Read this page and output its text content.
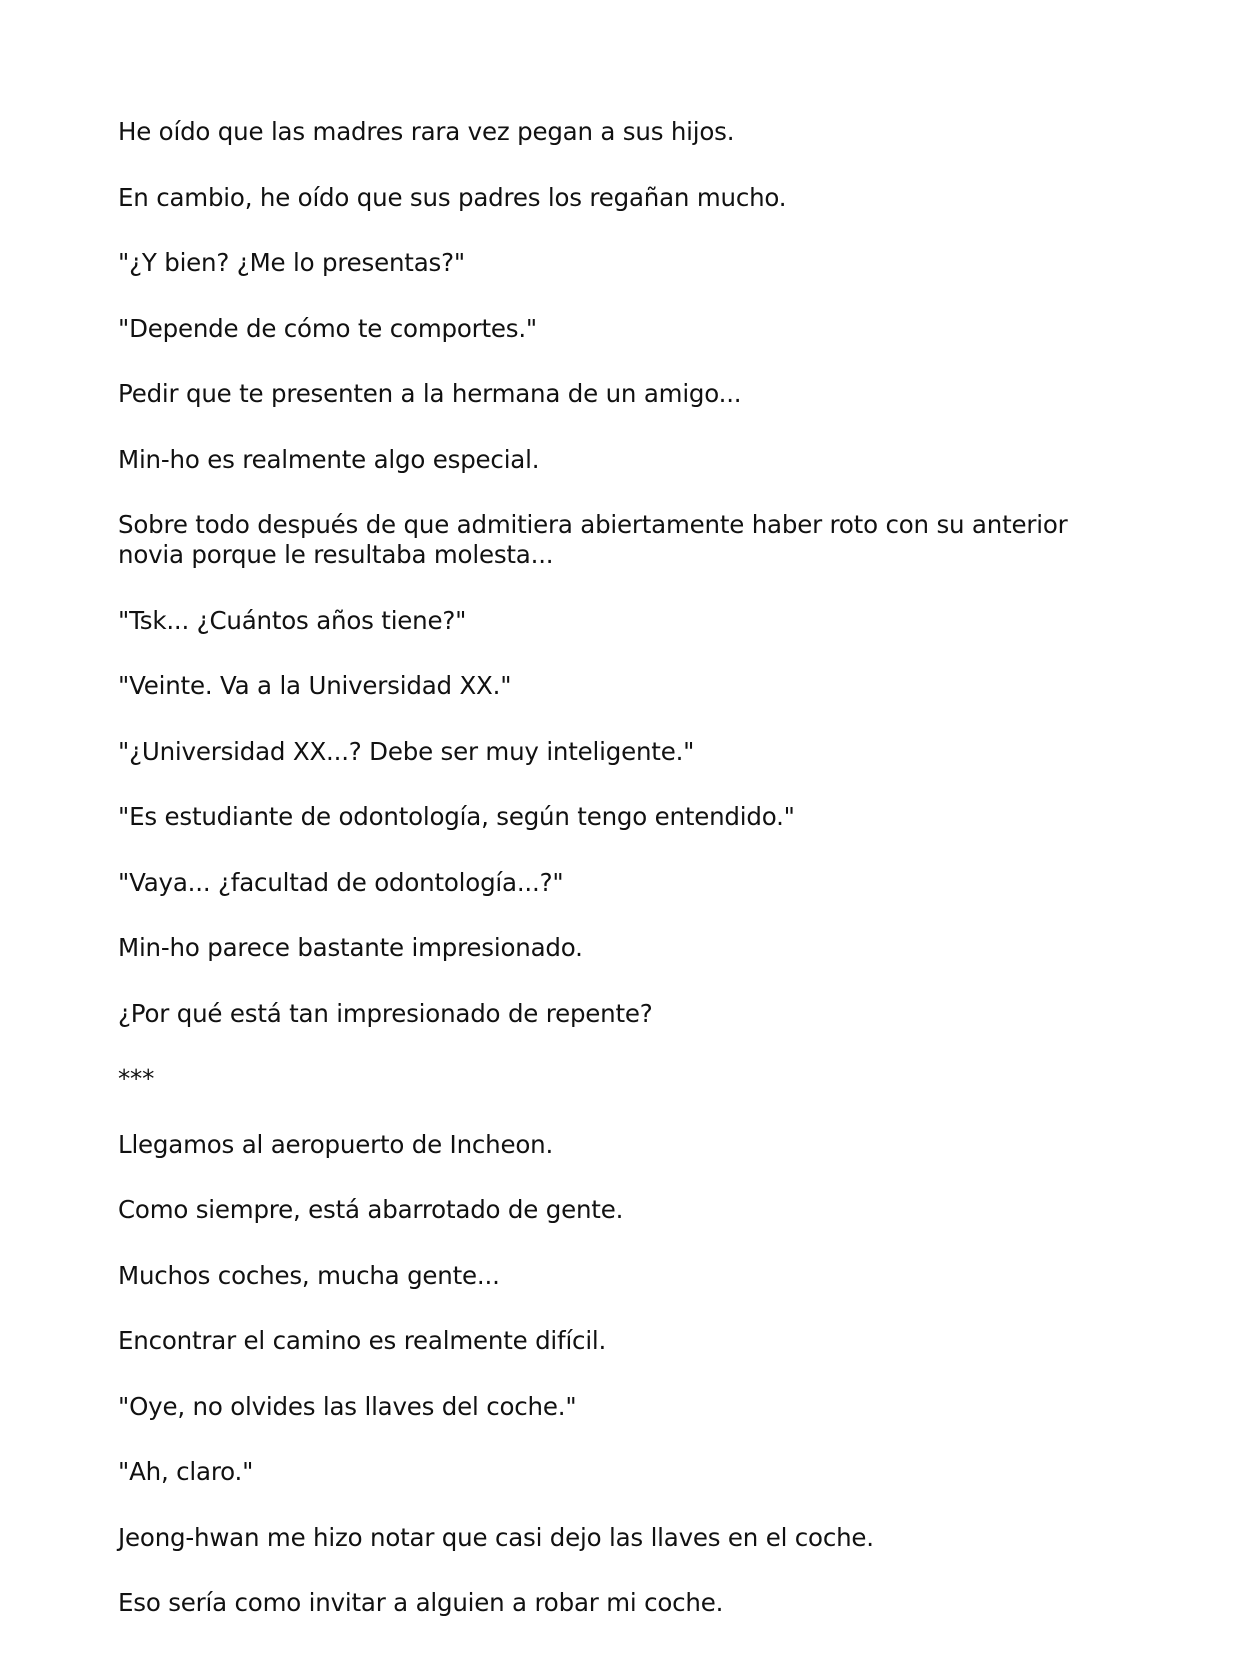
He oído que las madres rara vez pegan a sus hijos.

En cambio, he oído que sus padres los regañan mucho.

"¿Y bien? ¿Me lo presentas?"

"Depende de cómo te comportes."

Pedir que te presenten a la hermana de un amigo...

Min-ho es realmente algo especial.

Sobre todo después de que admitiera abiertamente haber roto con su anterior novia porque le resultaba molesta...

"Tsk... ¿Cuántos años tiene?"

"Veinte. Va a la Universidad XX."

"¿Universidad XX...? Debe ser muy inteligente."

"Es estudiante de odontología, según tengo entendido."

"Vaya... ¿facultad de odontología...?"

Min-ho parece bastante impresionado.

¿Por qué está tan impresionado de repente?

***

Llegamos al aeropuerto de Incheon.

Como siempre, está abarrotado de gente.

Muchos coches, mucha gente...

Encontrar el camino es realmente difícil.

"Oye, no olvides las llaves del coche."

"Ah, claro."

Jeong-hwan me hizo notar que casi dejo las llaves en el coche.

Eso sería como invitar a alguien a robar mi coche.
